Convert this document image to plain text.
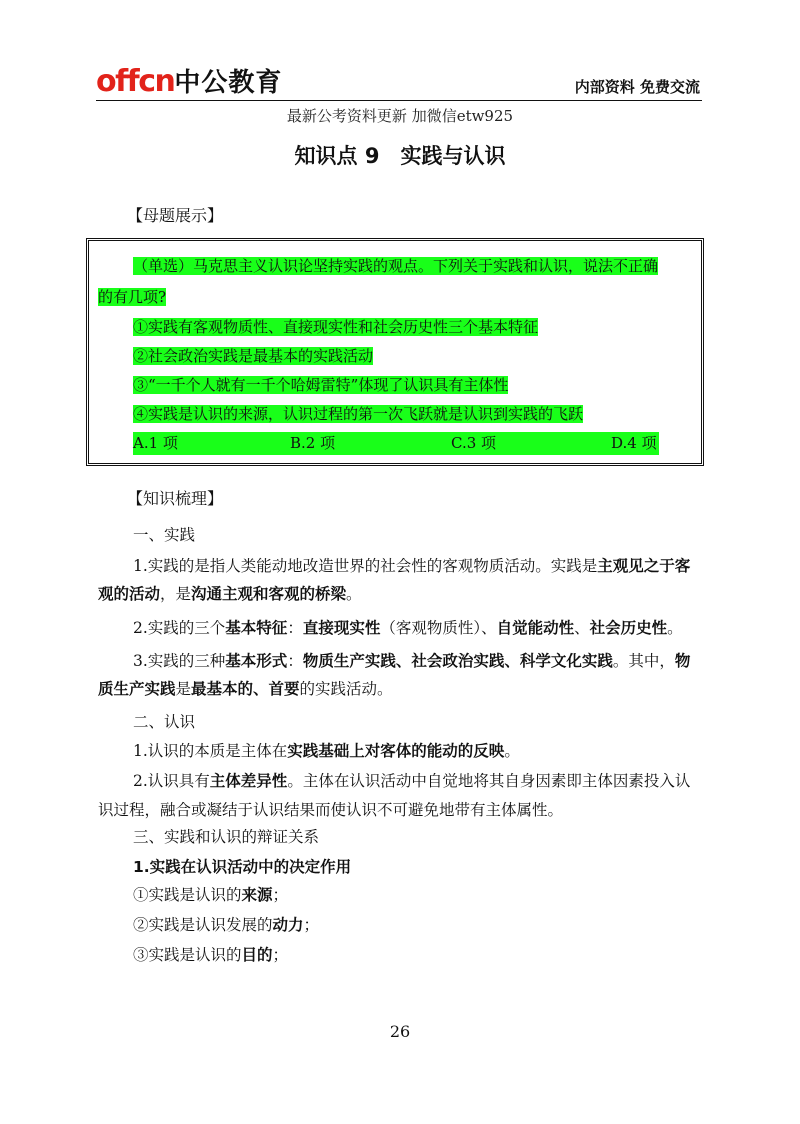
offcn中公教育	内部资料 免费交流
最新公考资料更新 加微信etw925
知识点 9　实践与认识
【母题展示】
（单选）马克思主义认识论坚持实践的观点。下列关于实践和认识，说法不正确
的有几项?
①实践有客观物质性、直接现实性和社会历史性三个基本特征
②社会政治实践是最基本的实践活动
③“一千个人就有一千个哈姆雷特”体现了认识具有主体性
④实践是认识的来源，认识过程的第一次飞跃就是认识到实践的飞跃
A.1 项	B.2 项	C.3 项	D.4 项
【知识梳理】
一、实践
1.实践的是指人类能动地改造世界的社会性的客观物质活动。实践是主观见之于客
观的活动，是沟通主观和客观的桥梁。
2.实践的三个基本特征：直接现实性（客观物质性）、自觉能动性、社会历史性。
3.实践的三种基本形式：物质生产实践、社会政治实践、科学文化实践。其中，物
质生产实践是最基本的、首要的实践活动。
二、认识
1.认识的本质是主体在实践基础上对客体的能动的反映。
2.认识具有主体差异性。主体在认识活动中自觉地将其自身因素即主体因素投入认
识过程，融合或凝结于认识结果而使认识不可避免地带有主体属性。
三、实践和认识的辩证关系
1.实践在认识活动中的决定作用
①实践是认识的来源；
②实践是认识发展的动力；
③实践是认识的目的；
26
